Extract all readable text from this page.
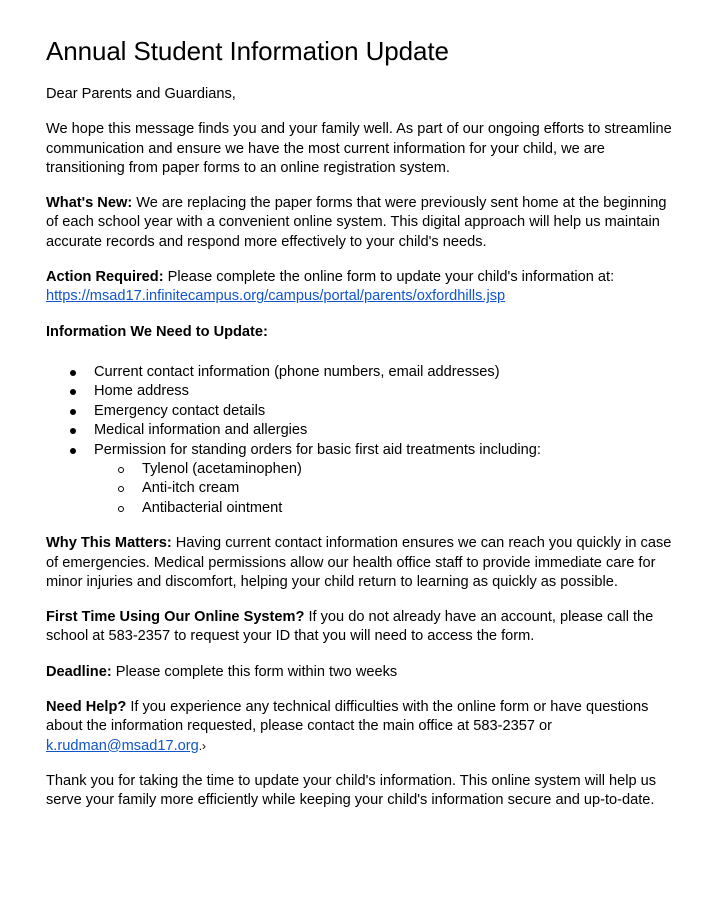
Annual Student Information Update

Dear Parents and Guardians,

We hope this message finds you and your family well. As part of our ongoing efforts to streamline communication and ensure we have the most current information for your child, we are transitioning from paper forms to an online registration system.

What's New: We are replacing the paper forms that were previously sent home at the beginning of each school year with a convenient online system. This digital approach will help us maintain accurate records and respond more effectively to your child's needs.

Action Required: Please complete the online form to update your child's information at:
https://msad17.infinitecampus.org/campus/portal/parents/oxfordhills.jsp

Information We Need to Update:

Current contact information (phone numbers, email addresses)
Home address
Emergency contact details
Medical information and allergies
Permission for standing orders for basic first aid treatments including:
Tylenol (acetaminophen)
Anti-itch cream
Antibacterial ointment

Why This Matters: Having current contact information ensures we can reach you quickly in case of emergencies. Medical permissions allow our health office staff to provide immediate care for minor injuries and discomfort, helping your child return to learning as quickly as possible.

First Time Using Our Online System? If you do not already have an account, please call the school at 583-2357 to request your ID that you will need to access the form.

Deadline: Please complete this form within two weeks

Need Help? If you experience any technical difficulties with the online form or have questions about the information requested, please contact the main office at 583-2357 or k.rudman@msad17.org.›

Thank you for taking the time to update your child's information. This online system will help us serve your family more efficiently while keeping your child's information secure and up-to-date.
